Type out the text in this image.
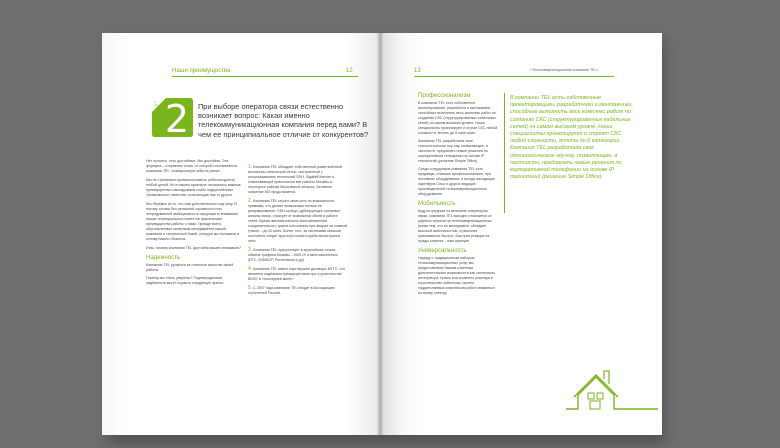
Наши преимущества	12
2 При выборе оператора связи естественно возникает вопрос: Какая именно телекоммуникационная компания перед вами? В чем ее принципиальное отличие от конкурентов?

Нет лучшего, есть достойные. Мы достойны. Эта формула – отправная точка, от которой отталкивается компания TEL, позиционируя себя на рынке.

Мы не стремимся противопоставить себя конкуренту любой ценой. Но в нашем арсенале отыскались важные преимущества и вкладываем слабо подкреплённые «уникальные» качества, отличающие нас от других.

Мы берёмся за то, что нам действительно под силу. И потому готовы без излишней скромности или непродуманной амбициозности предложить вниманию наших потенциальных клиентов фактические преимущества работы с нами. Прежде всего, обусловленные качеством менеджмента нашей компании и технической базой, которую мы положили в основу нашего бизнеса.

Итак, почему компания TEL достойна вашего внимания?

Надежность

Компания TEL ручается за отличное качество своей работы.

Почему мы столь уверены? Подтверждением надёжности могут служить следующие факты:

1. Компания TEL обладает собственной разветвлённой волоконно-оптической сетью, построенной с использованием технологий SDH, GigabitEthernet и охватывающей практически все районы Москвы и некоторые районы Московской области. Активное освоение МО продолжается.

2. Компания TEL строит свою сеть по возможности прямыми, что делает возможным полное ее резервирование. SDH-кольцо, дублирующее основные каналы связи, страхует от возможных сбоев в работе сетей. Время автоматического восстановления соединительного тракта или канала при аварии на главной трассе – до 50 мсек. Более того, за системами каналов постоянно следит круглосуточная служба мониторинга сети.

3. Компания TEL присутствует в крупнейших точках обмена трафика Москвы – MSK-IX и многочисленных (RTC, КОМКОР, Ростелеком и др).

4. Компания TEL имеет партнёрские договоры МГТС, что является надёжным преимуществом при строительстве ВОЛС в «последней миле».

5. С 2007 года компания TEL входит в Ассоциацию строителей России.

13	«Телекоммуникационная компания TEL»
Профессионализм

В компании TEL есть собственное проектирование, разработка и монтажники, способные выполнить весь комплекс работ по созданию СКС (структурированных кабельных сетей) на самом высоком уровне. Наши специалисты проектируют и строят СКС любой сложности, вплоть до 6 категории.

Компания TEL разработала свое технологическое ноу-хау, позволяющее, в частности, предлагать новые решения по корпоративной телефонии на основе IP технологий (решение Simple Office).

Среди сотрудников компании TEL есть продавцы, ставшие профессионалами, при поставках оборудования, и всегда находящие партнёров Cisco и других ведущих производителей телекоммуникационного оборудования.

Мобильность

Будучи средним по величине оператором связи, компания TEL выгодно отличается от крупных игроков на телекоммуникационном рынке тем, что ее менеджмент обладает высокой мобильностью, а решения принимаются быстро. Быстрая реакция на нужды клиента – наш принцип.

Универсальность

Наряду с традиционным набором телекоммуникационных услуг мы предоставляем нашим клиентам дополнительные возможности как системного интегратора, прямо или косвенно участвуя в строительстве кабельных систем, подкрепляемых комплексом работ связанных по всему спектру.

В компании TEL есть собственные проектировщики, разработчики и монтажники, способные выполнить весь комплекс работ по созданию СКС (структурированных кабельных сетей) на самом высоком уровне. Наши специалисты проектируют и строят СКС любой сложности, вплоть до 6 категории. Компания TEL разработала свое технологическое ноу-хау, позволяющее, в частности, предлагать новые решения по корпоративной телефонии на основе IP технологий (решение Simple Office).
